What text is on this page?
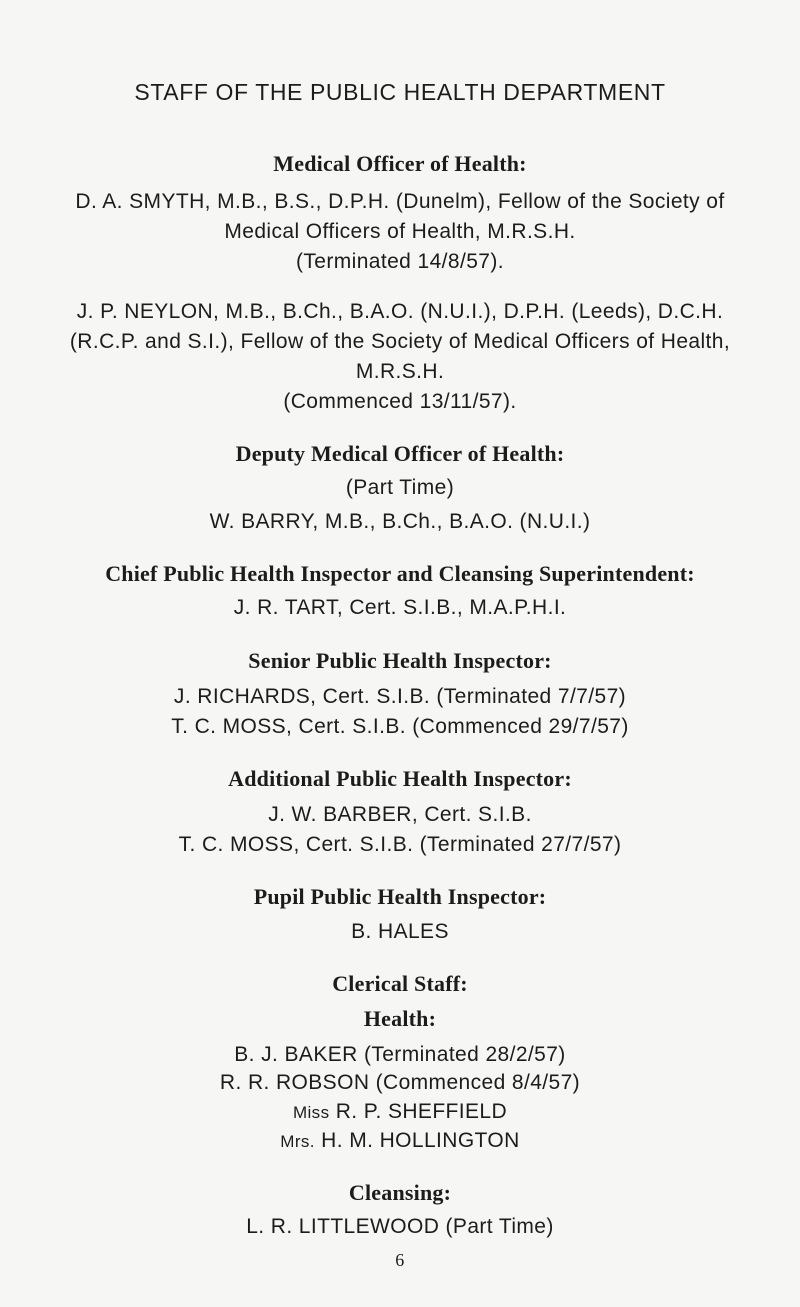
STAFF OF THE PUBLIC HEALTH DEPARTMENT
Medical Officer of Health:
D. A. SMYTH, M.B., B.S., D.P.H. (Dunelm), Fellow of the Society of
Medical Officers of Health, M.R.S.H.
(Terminated 14/8/57).
J. P. NEYLON, M.B., B.Ch., B.A.O. (N.U.I.), D.P.H. (Leeds), D.C.H.
(R.C.P. and S.I.), Fellow of the Society of Medical Officers of Health,
M.R.S.H.
(Commenced 13/11/57).
Deputy Medical Officer of Health:
(Part Time)
W. BARRY, M.B., B.Ch., B.A.O. (N.U.I.)
Chief Public Health Inspector and Cleansing Superintendent:
J. R. TART, Cert. S.I.B., M.A.P.H.I.
Senior Public Health Inspector:
J. RICHARDS, Cert. S.I.B. (Terminated 7/7/57)
T. C. MOSS, Cert. S.I.B. (Commenced 29/7/57)
Additional Public Health Inspector:
J. W. BARBER, Cert. S.I.B.
T. C. MOSS, Cert. S.I.B. (Terminated 27/7/57)
Pupil Public Health Inspector:
B. HALES
Clerical Staff:
Health:
B. J. BAKER (Terminated 28/2/57)
R. R. ROBSON (Commenced 8/4/57)
Miss R. P. SHEFFIELD
Mrs. H. M. HOLLINGTON
Cleansing:
L. R. LITTLEWOOD (Part Time)
6
